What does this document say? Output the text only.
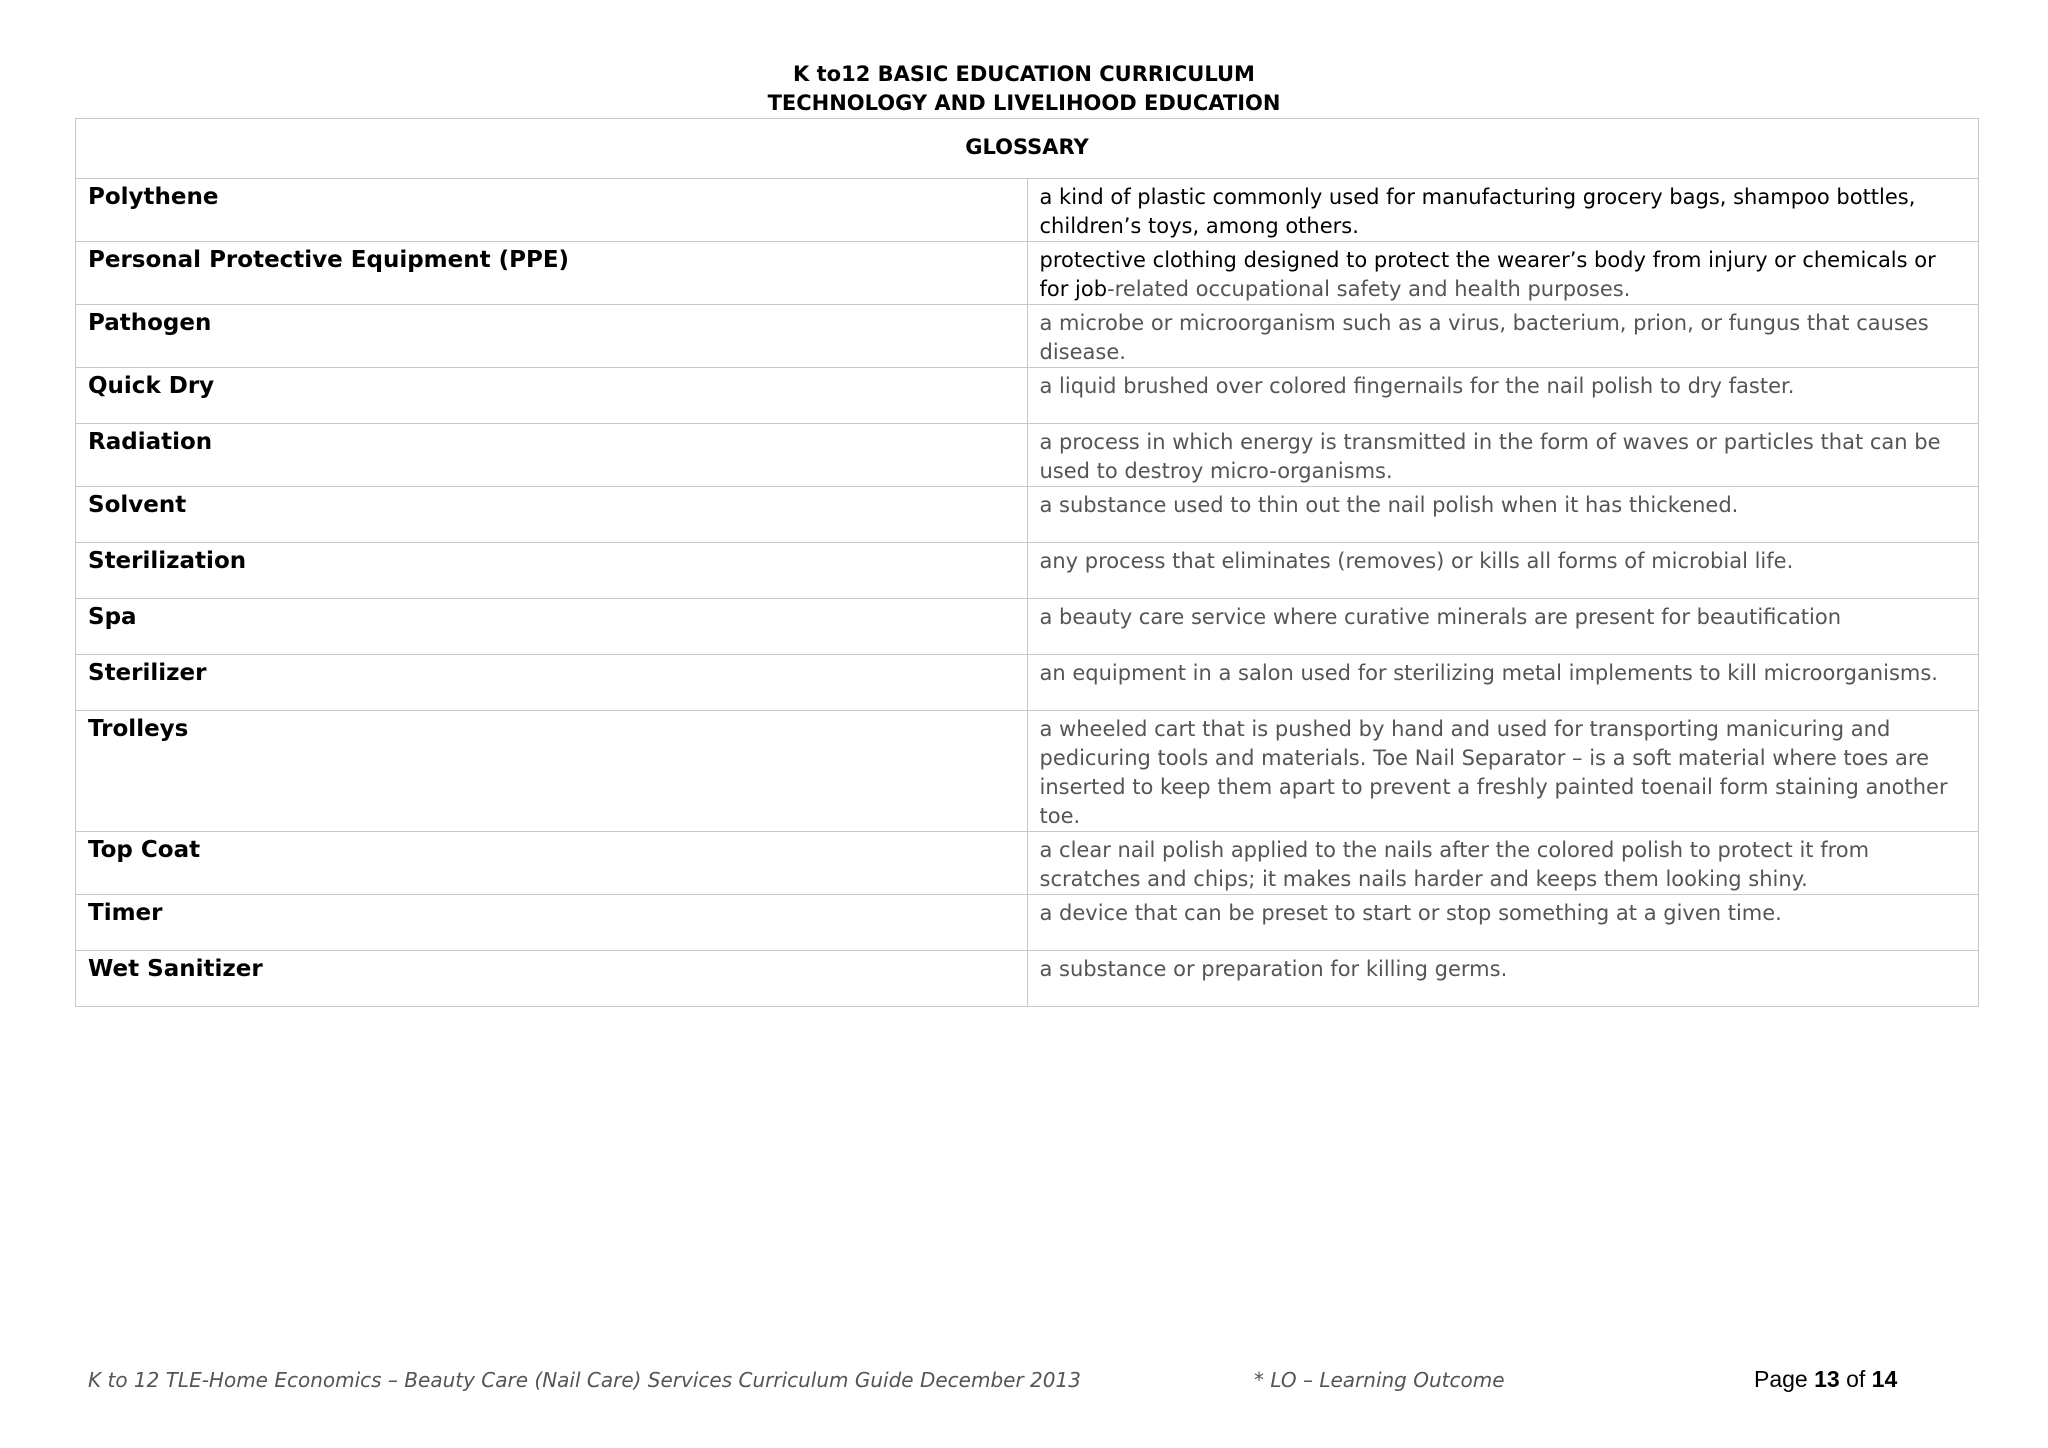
K to12 BASIC EDUCATION CURRICULUM
TECHNOLOGY AND LIVELIHOOD EDUCATION
GLOSSARY	
Polythene	a kind of plastic commonly used for manufacturing grocery bags, shampoo bottles, children’s toys, among others.
Personal Protective Equipment (PPE)	protective clothing designed to protect the wearer’s body from injury or chemicals or for job-related occupational safety and health purposes.
Pathogen	a microbe or microorganism such as a virus, bacterium, prion, or fungus that causes disease.
Quick Dry	a liquid brushed over colored fingernails for the nail polish to dry faster.
Radiation	a process in which energy is transmitted in the form of waves or particles that can be used to destroy micro-organisms.
Solvent	a substance used to thin out the nail polish when it has thickened.
Sterilization	any process that eliminates (removes) or kills all forms of microbial life.
Spa	a beauty care service where curative minerals are present for beautification
Sterilizer	an equipment in a salon used for sterilizing metal implements to kill microorganisms.
Trolleys	a wheeled cart that is pushed by hand and used for transporting manicuring and pedicuring tools and materials. Toe Nail Separator – is a soft material where toes are inserted to keep them apart to prevent a freshly painted toenail form staining another toe.
Top Coat	a clear nail polish applied to the nails after the colored polish to protect it from scratches and chips; it makes nails harder and keeps them looking shiny.
Timer	a device that can be preset to start or stop something at a given time.
Wet Sanitizer	a substance or preparation for killing germs.
K to 12 TLE-Home Economics – Beauty Care (Nail Care) Services Curriculum Guide December 2013	* LO – Learning Outcome	Page 13 of 14
